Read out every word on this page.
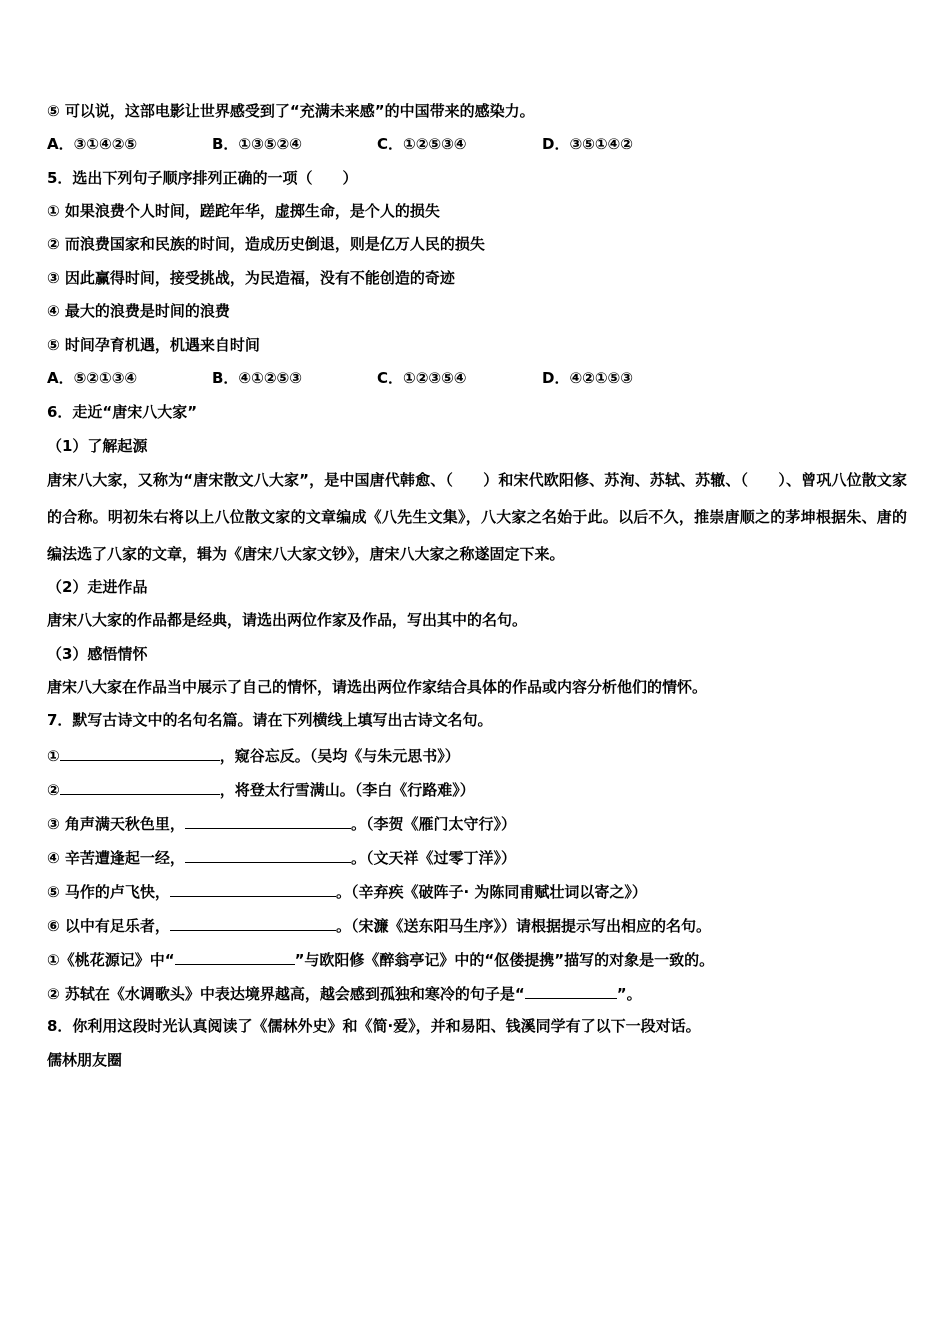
⑤ 可以说，这部电影让世界感受到了“充满未来感”的中国带来的感染力。
A．③①④②⑤	B．①③⑤②④	C．①②⑤③④	D．③⑤①④②
5．选出下列句子顺序排列正确的一项（　　）
① 如果浪费个人时间，蹉跎年华，虚掷生命，是个人的损失
② 而浪费国家和民族的时间，造成历史倒退，则是亿万人民的损失
③ 因此赢得时间，接受挑战，为民造福，没有不能创造的奇迹
④ 最大的浪费是时间的浪费
⑤ 时间孕育机遇，机遇来自时间
A．⑤②①③④	B．④①②⑤③	C．①②③⑤④	D．④②①⑤③
6．走近“唐宋八大家”
（1）了解起源
唐宋八大家，又称为“唐宋散文八大家”，是中国唐代韩愈、（　　）和宋代欧阳修、苏洵、苏轼、苏辙、（　　）、曾巩八位散文家的合称。明初朱右将以上八位散文家的文章编成《八先生文集》，八大家之名始于此。以后不久，推崇唐顺之的茅坤根据朱、唐的编法选了八家的文章，辑为《唐宋八大家文钞》，唐宋八大家之称遂固定下来。
（2）走进作品
唐宋八大家的作品都是经典，请选出两位作家及作品，写出其中的名句。
（3）感悟情怀
唐宋八大家在作品当中展示了自己的情怀，请选出两位作家结合具体的作品或内容分析他们的情怀。
7．默写古诗文中的名句名篇。请在下列横线上填写出古诗文名句。
①	，窥谷忘反。（吴均《与朱元思书》）
②	，将登太行雪满山。（李白《行路难》）
③ 角声满天秋色里，	。（李贺《雁门太守行》）
④ 辛苦遭逢起一经，	。（文天祥《过零丁洋》）
⑤ 马作的卢飞快，	。（辛弃疾《破阵子· 为陈同甫赋壮词以寄之》）
⑥ 以中有足乐者，	。（宋濂《送东阳马生序》）请根据提示写出相应的名句。
①《桃花源记》中“	”与欧阳修《醉翁亭记》中的“伛偻提携”描写的对象是一致的。
② 苏轼在《水调歌头》中表达境界越高，越会感到孤独和寒冷的句子是“	”。
8．你利用这段时光认真阅读了《儒林外史》和《简·爱》，并和易阳、钱溪同学有了以下一段对话。
儒林朋友圈
